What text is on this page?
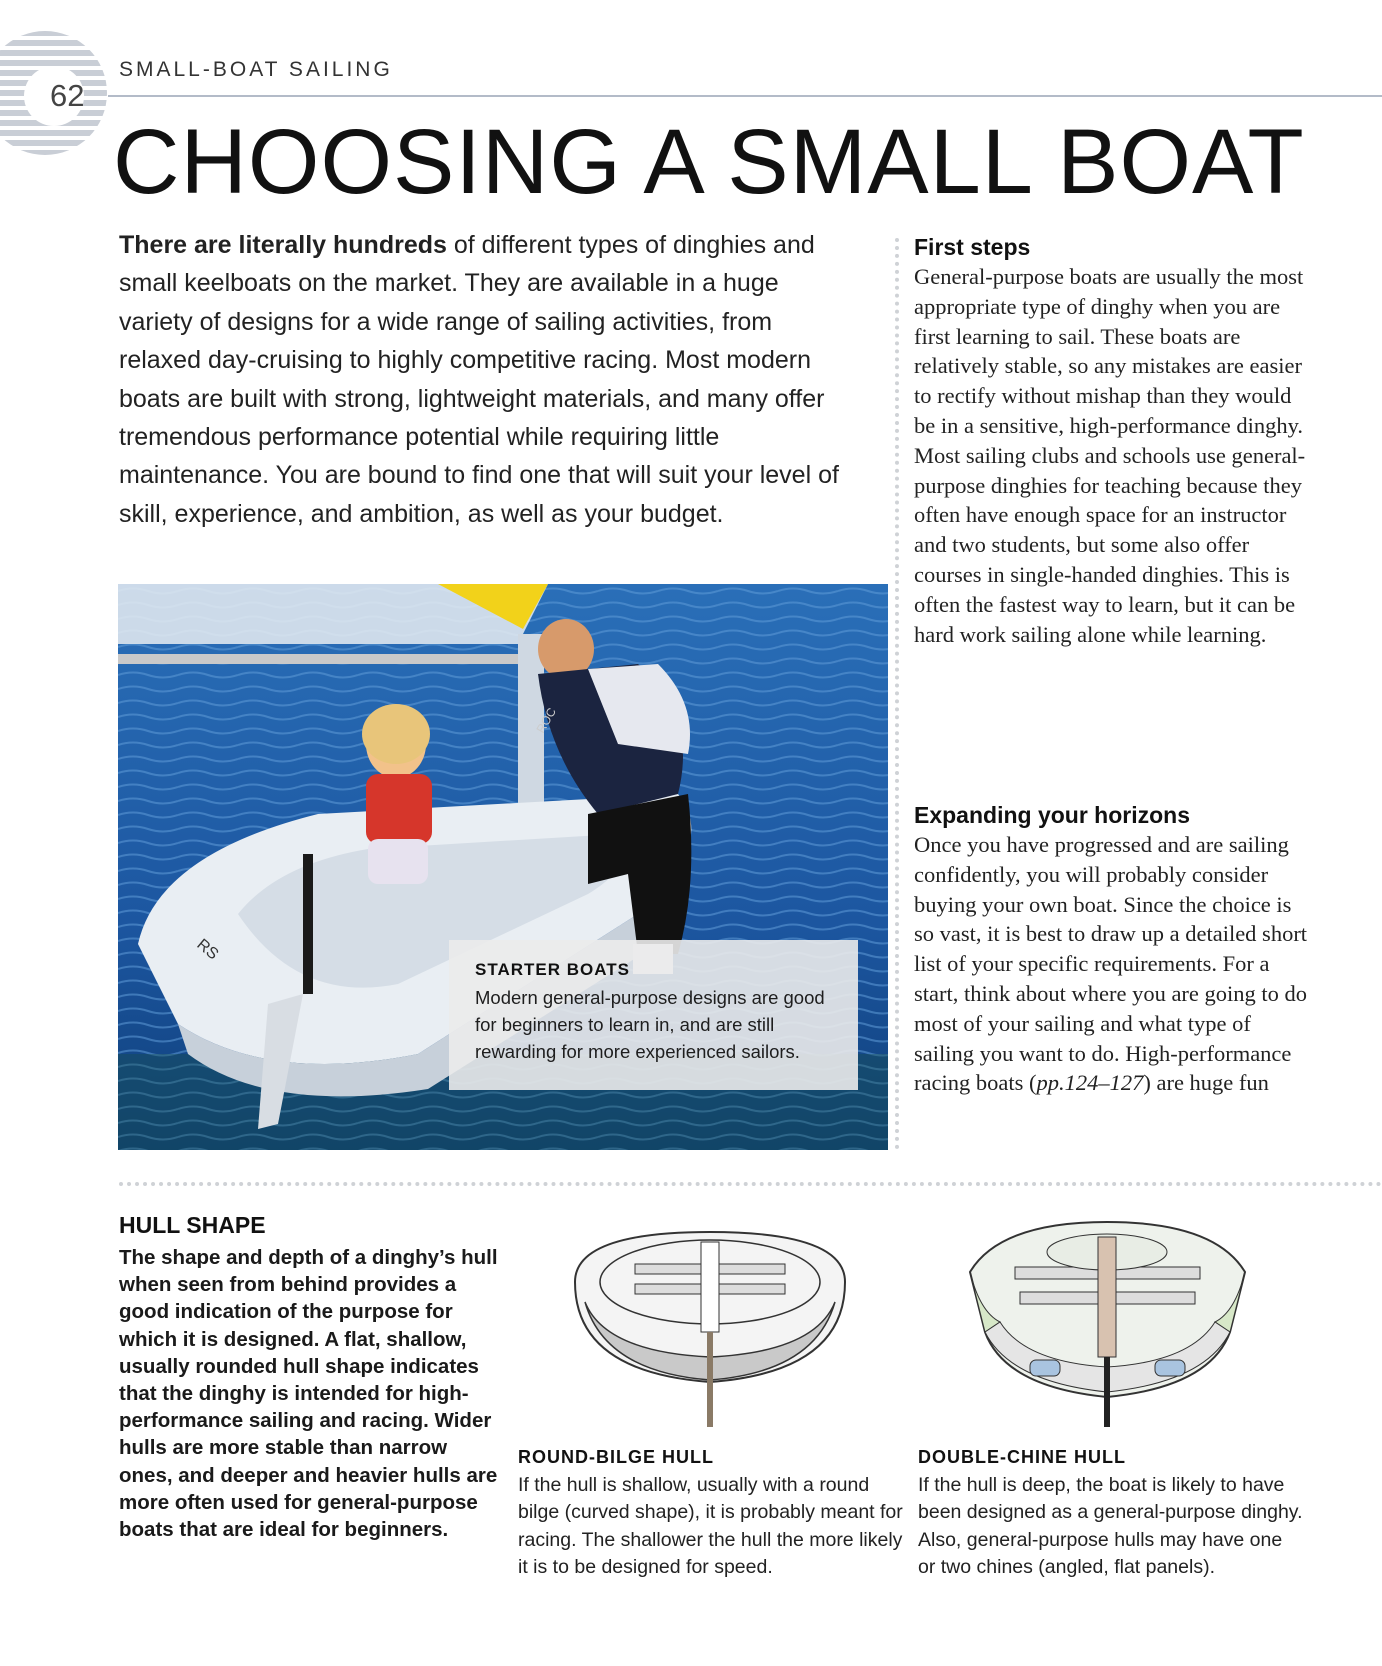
62
SMALL-BOAT SAILING
CHOOSING A SMALL BOAT
There are literally hundreds of different types of dinghies and small keelboats on the market. They are available in a huge variety of designs for a wide range of sailing activities, from relaxed day-cruising to highly competitive racing. Most modern boats are built with strong, lightweight materials, and many offer tremendous performance potential while requiring little maintenance. You are bound to find one that will suit your level of skill, experience, and ambition, as well as your budget.
RS
ROC
STARTER BOATS
Modern general-purpose designs are good for beginners to learn in, and are still rewarding for more experienced sailors.
First steps

General-purpose boats are usually the most appropriate type of dinghy when you are first learning to sail. These boats are relatively stable, so any mistakes are easier to rectify without mishap than they would be in a sensitive, high-performance dinghy. Most sailing clubs and schools use general-purpose dinghies for teaching because they often have enough space for an instructor and two students, but some also offer courses in single-handed dinghies. This is often the fastest way to learn, but it can be hard work sailing alone while learning.

Expanding your horizons

Once you have progressed and are sailing confidently, you will probably consider buying your own boat. Since the choice is so vast, it is best to draw up a detailed short list of your specific requirements. For a start, think about where you are going to do most of your sailing and what type of sailing you want to do. High-performance racing boats (pp.124–127) are huge fun

HULL SHAPE
The shape and depth of a dinghy’s hull when seen from behind provides a good indication of the purpose for which it is designed. A flat, shallow, usually rounded hull shape indicates that the dinghy is intended for high-performance sailing and racing. Wider hulls are more stable than narrow ones, and deeper and heavier hulls are more often used for general-purpose boats that are ideal for beginners.
ROUND-BILGE HULL
If the hull is shallow, usually with a round bilge (curved shape), it is probably meant for racing. The shallower the hull the more likely it is to be designed for speed.
DOUBLE-CHINE HULL
If the hull is deep, the boat is likely to have been designed as a general-purpose dinghy. Also, general-purpose hulls may have one or two chines (angled, flat panels).
